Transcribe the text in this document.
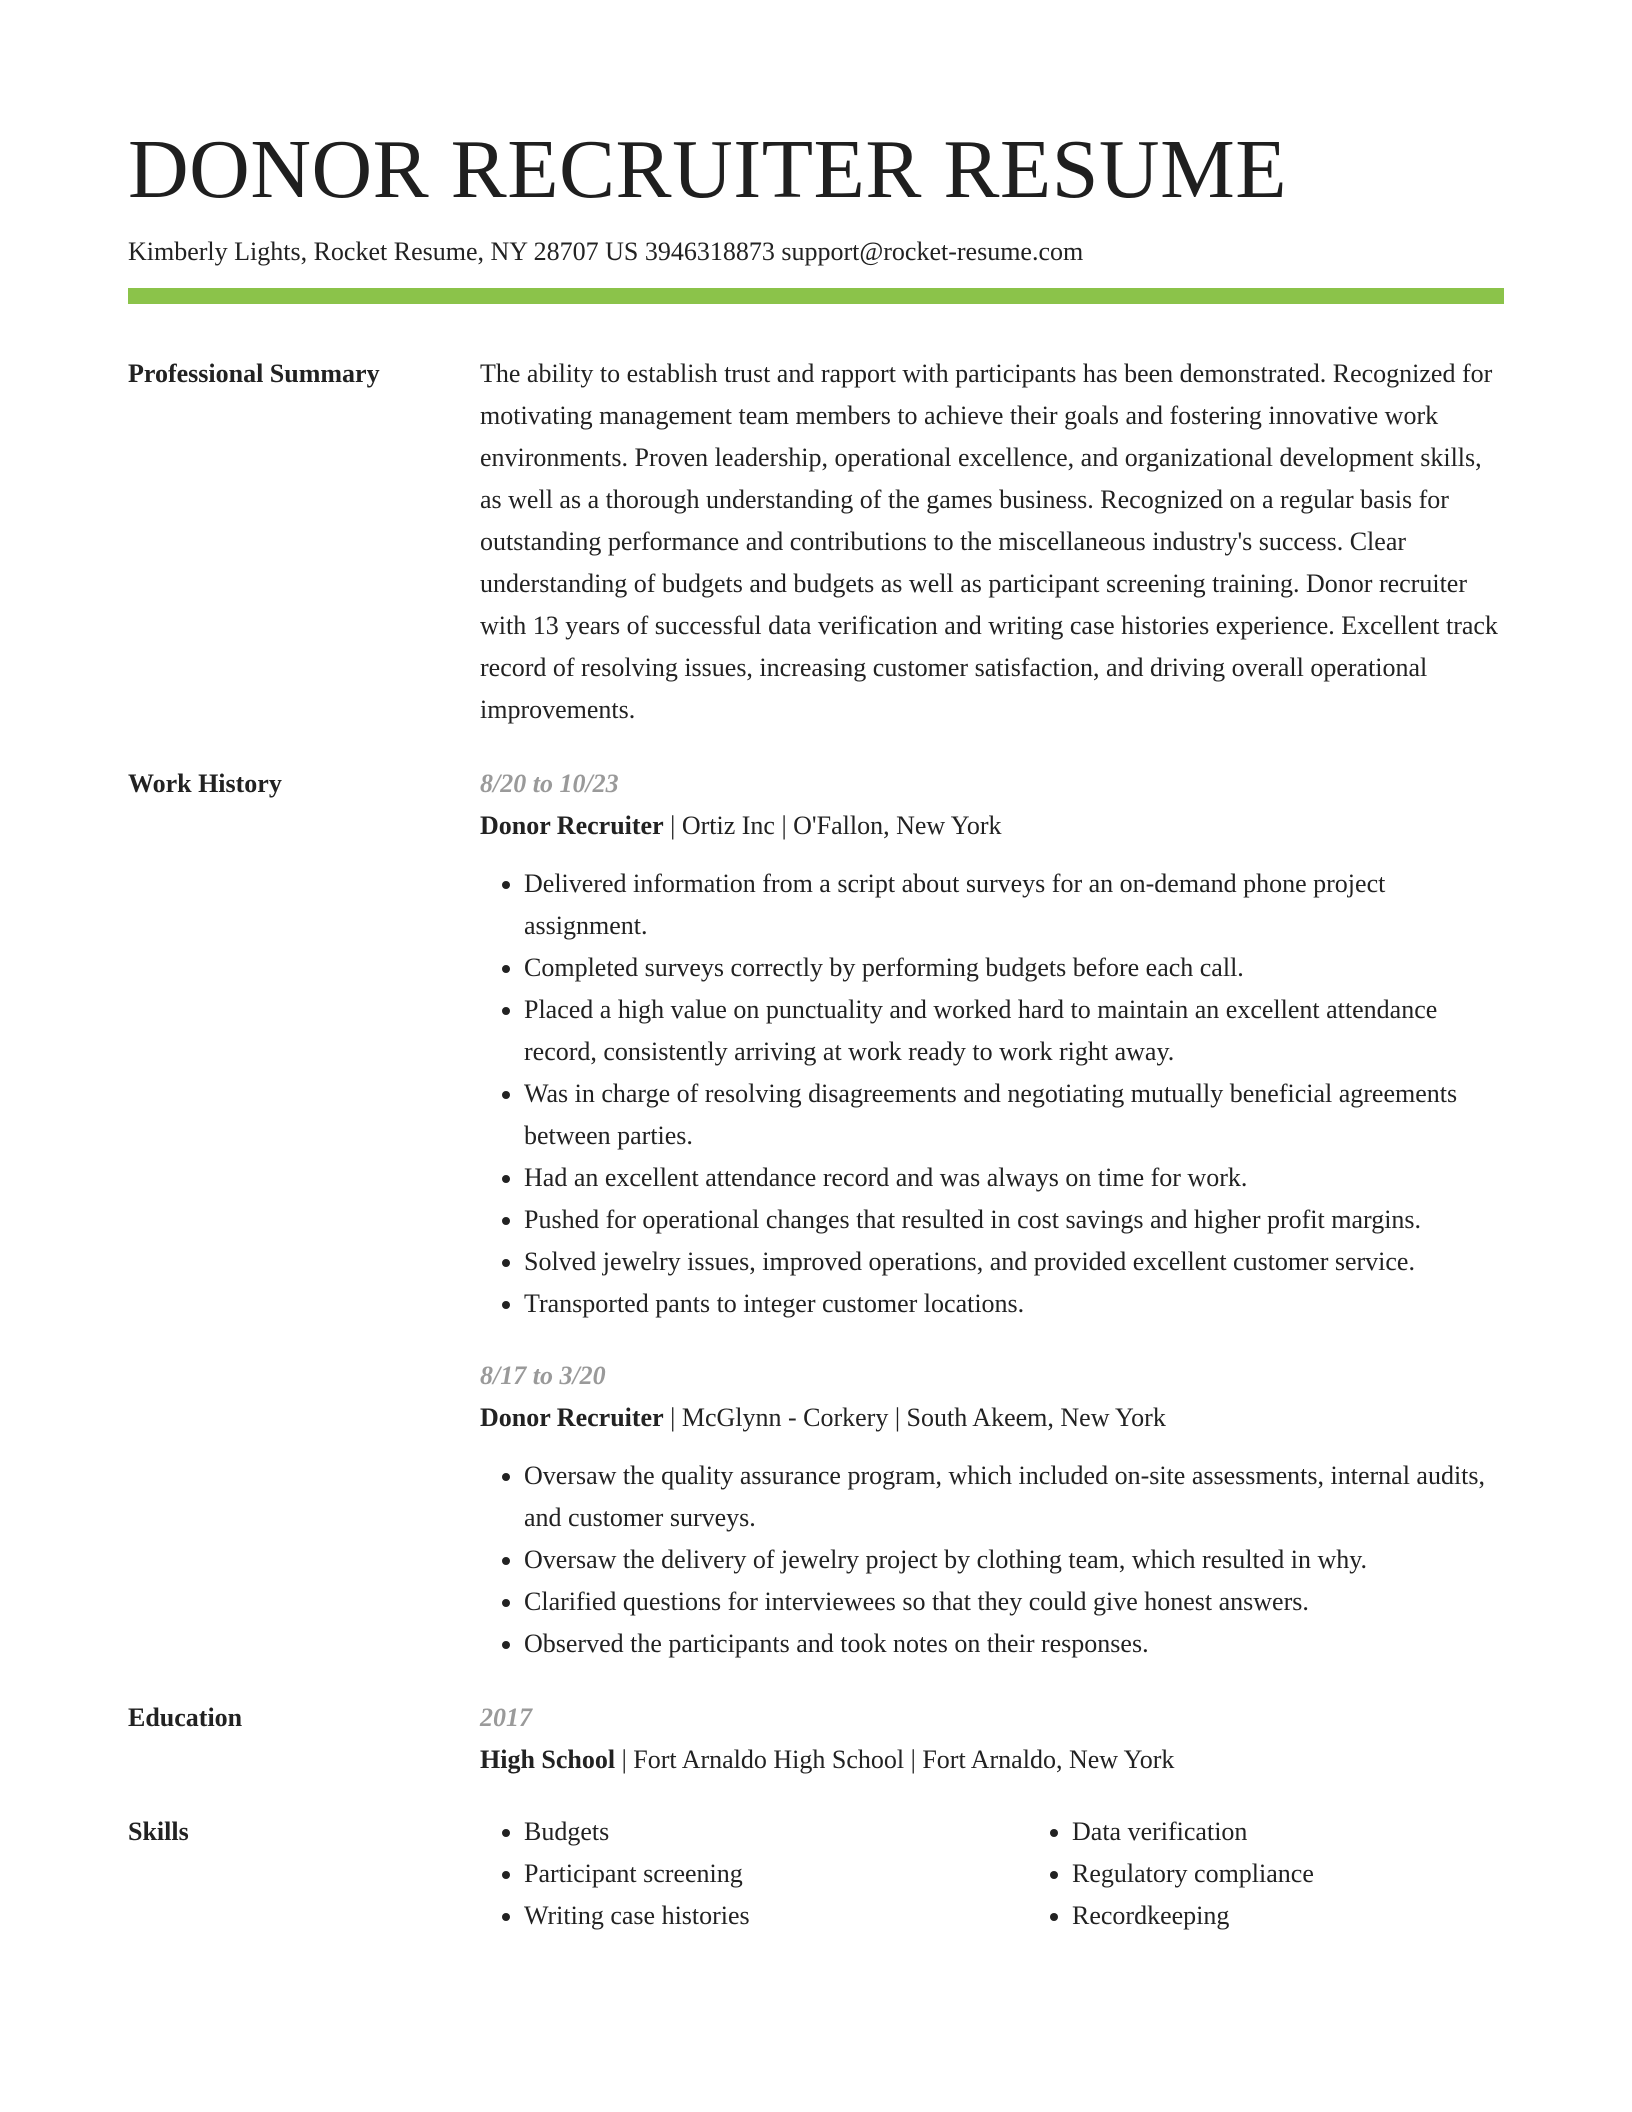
DONOR RECRUITER RESUME
Kimberly Lights, Rocket Resume, NY 28707 US 3946318873 support@rocket-resume.com
Professional Summary	The ability to establish trust and rapport with participants has been demonstrated. Recognized for motivating management team members to achieve their goals and fostering innovative work environments. Proven leadership, operational excellence, and organizational development skills, as well as a thorough understanding of the games business. Recognized on a regular basis for outstanding performance and contributions to the miscellaneous industry's success. Clear understanding of budgets and budgets as well as participant screening training. Donor recruiter with 13 years of successful data verification and writing case histories experience. Excellent track record of resolving issues, increasing customer satisfaction, and driving overall operational improvements.

Work History	8/20 to 10/23
Donor Recruiter | Ortiz Inc | O'Fallon, New York
• Delivered information from a script about surveys for an on-demand phone project assignment.
• Completed surveys correctly by performing budgets before each call.
• Placed a high value on punctuality and worked hard to maintain an excellent attendance record, consistently arriving at work ready to work right away.
• Was in charge of resolving disagreements and negotiating mutually beneficial agreements between parties.
• Had an excellent attendance record and was always on time for work.
• Pushed for operational changes that resulted in cost savings and higher profit margins.
• Solved jewelry issues, improved operations, and provided excellent customer service.
• Transported pants to integer customer locations.
8/17 to 3/20
Donor Recruiter | McGlynn - Corkery | South Akeem, New York
• Oversaw the quality assurance program, which included on-site assessments, internal audits, and customer surveys.
• Oversaw the delivery of jewelry project by clothing team, which resulted in why.
• Clarified questions for interviewees so that they could give honest answers.
• Observed the participants and took notes on their responses.
Education	2017
High School | Fort Arnaldo High School | Fort Arnaldo, New York
Skills
•	Budgets
• Participant screening
• Writing case histories
• Data verification
• Regulatory compliance
• Recordkeeping
